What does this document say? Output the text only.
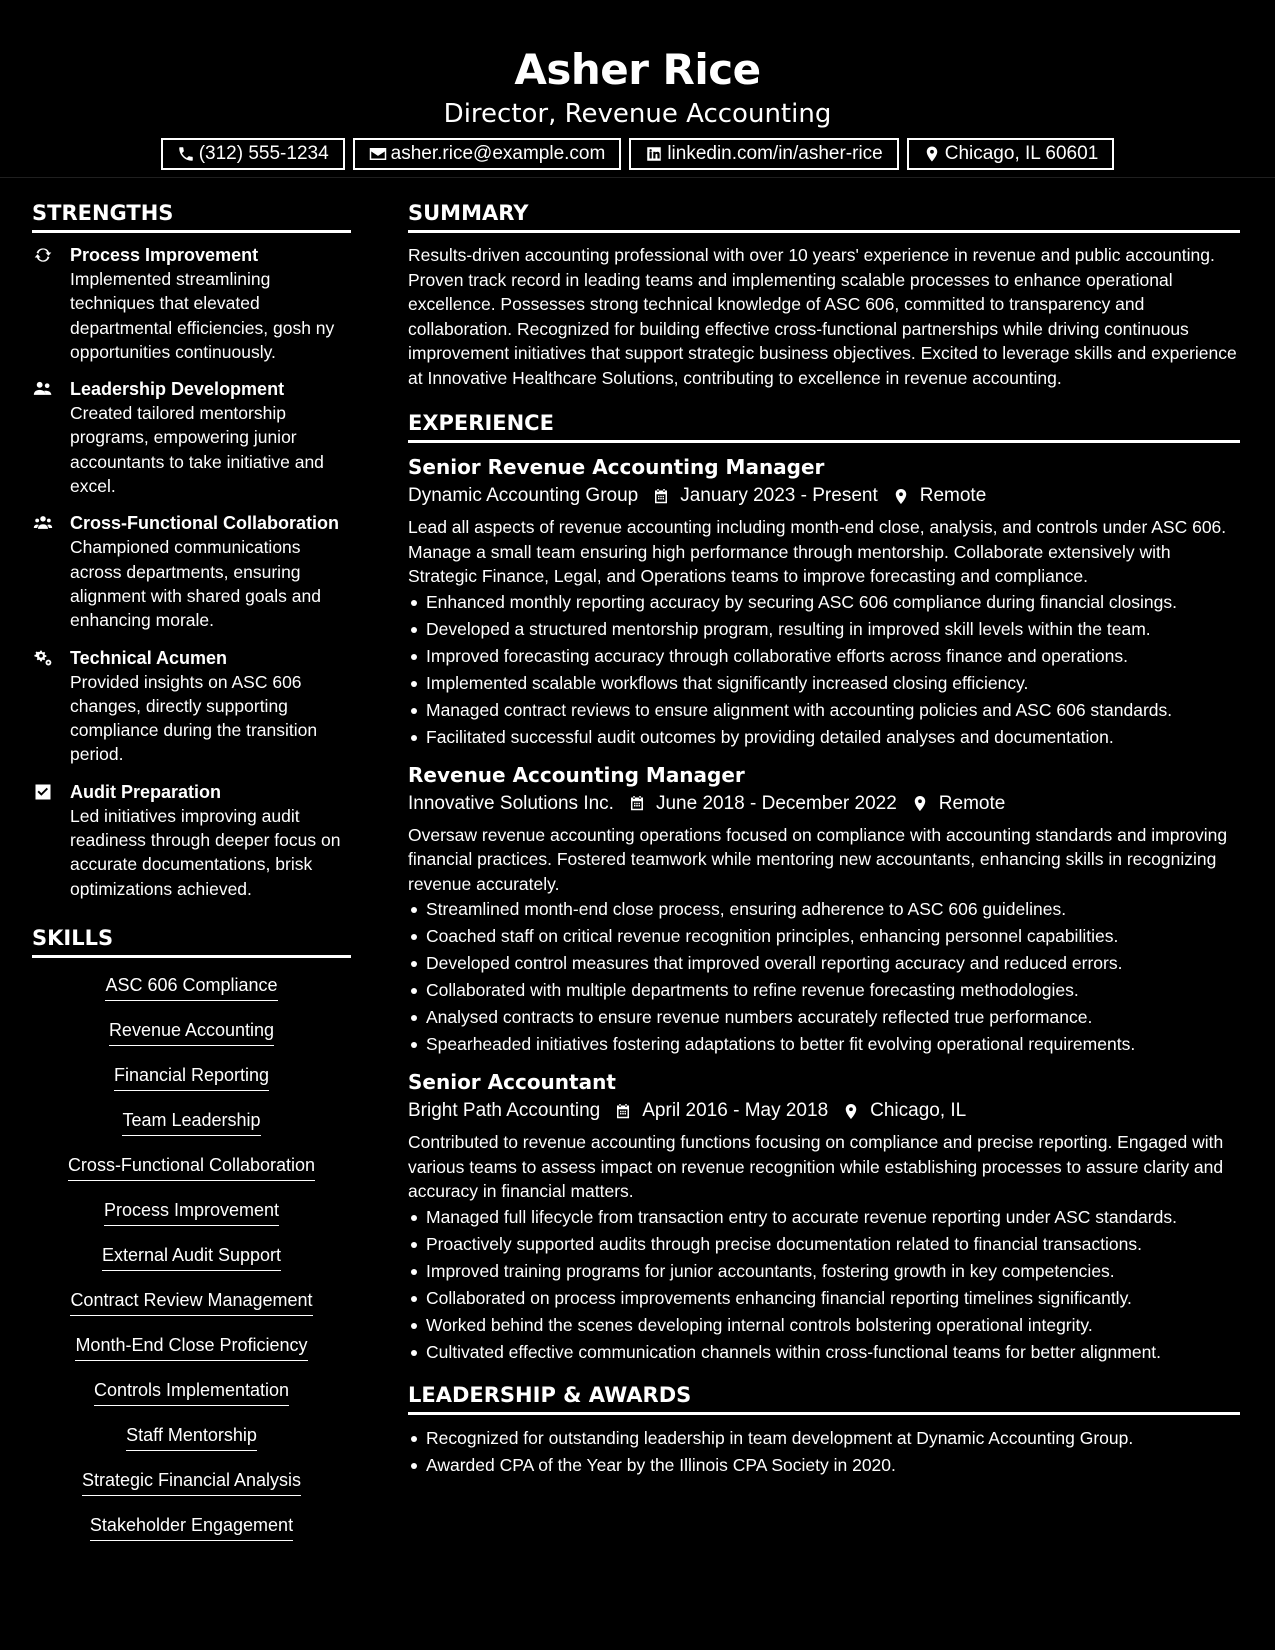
Asher Rice
Director, Revenue Accounting
(312) 555-1234	asher.rice@example.com	linkedin.com/in/asher-rice	Chicago, IL 60601
STRENGTHS
Process Improvement
Implemented streamlining techniques that elevated departmental efficiencies, gosh ny opportunities continuously.
Leadership Development
Created tailored mentorship programs, empowering junior accountants to take initiative and excel.
Cross-Functional Collaboration
Championed communications across departments, ensuring alignment with shared goals and enhancing morale.
Technical Acumen
Provided insights on ASC 606 changes, directly supporting compliance during the transition period.
Audit Preparation
Led initiatives improving audit readiness through deeper focus on accurate documentations, brisk optimizations achieved.
SKILLS
ASC 606 Compliance
Revenue Accounting
Financial Reporting
Team Leadership
Cross-Functional Collaboration
Process Improvement
External Audit Support
Contract Review Management
Month-End Close Proficiency
Controls Implementation
Staff Mentorship
Strategic Financial Analysis
Stakeholder Engagement
SUMMARY
Results-driven accounting professional with over 10 years' experience in revenue and public accounting. Proven track record in leading teams and implementing scalable processes to enhance operational excellence. Possesses strong technical knowledge of ASC 606, committed to transparency and collaboration. Recognized for building effective cross-functional partnerships while driving continuous improvement initiatives that support strategic business objectives. Excited to leverage skills and experience at Innovative Healthcare Solutions, contributing to excellence in revenue accounting.
EXPERIENCE
Senior Revenue Accounting Manager
Dynamic Accounting Group January 2023 - Present Remote
Lead all aspects of revenue accounting including month-end close, analysis, and controls under ASC 606. Manage a small team ensuring high performance through mentorship. Collaborate extensively with Strategic Finance, Legal, and Operations teams to improve forecasting and compliance.
Enhanced monthly reporting accuracy by securing ASC 606 compliance during financial closings.
Developed a structured mentorship program, resulting in improved skill levels within the team.
Improved forecasting accuracy through collaborative efforts across finance and operations.
Implemented scalable workflows that significantly increased closing efficiency.
Managed contract reviews to ensure alignment with accounting policies and ASC 606 standards.
Facilitated successful audit outcomes by providing detailed analyses and documentation.
Revenue Accounting Manager
Innovative Solutions Inc. June 2018 - December 2022 Remote
Oversaw revenue accounting operations focused on compliance with accounting standards and improving financial practices. Fostered teamwork while mentoring new accountants, enhancing skills in recognizing revenue accurately.
Streamlined month-end close process, ensuring adherence to ASC 606 guidelines.
Coached staff on critical revenue recognition principles, enhancing personnel capabilities.
Developed control measures that improved overall reporting accuracy and reduced errors.
Collaborated with multiple departments to refine revenue forecasting methodologies.
Analysed contracts to ensure revenue numbers accurately reflected true performance.
Spearheaded initiatives fostering adaptations to better fit evolving operational requirements.
Senior Accountant
Bright Path Accounting April 2016 - May 2018 Chicago, IL
Contributed to revenue accounting functions focusing on compliance and precise reporting. Engaged with various teams to assess impact on revenue recognition while establishing processes to assure clarity and accuracy in financial matters.
Managed full lifecycle from transaction entry to accurate revenue reporting under ASC standards.
Proactively supported audits through precise documentation related to financial transactions.
Improved training programs for junior accountants, fostering growth in key competencies.
Collaborated on process improvements enhancing financial reporting timelines significantly.
Worked behind the scenes developing internal controls bolstering operational integrity.
Cultivated effective communication channels within cross-functional teams for better alignment.
LEADERSHIP & AWARDS
Recognized for outstanding leadership in team development at Dynamic Accounting Group.
Awarded CPA of the Year by the Illinois CPA Society in 2020.
